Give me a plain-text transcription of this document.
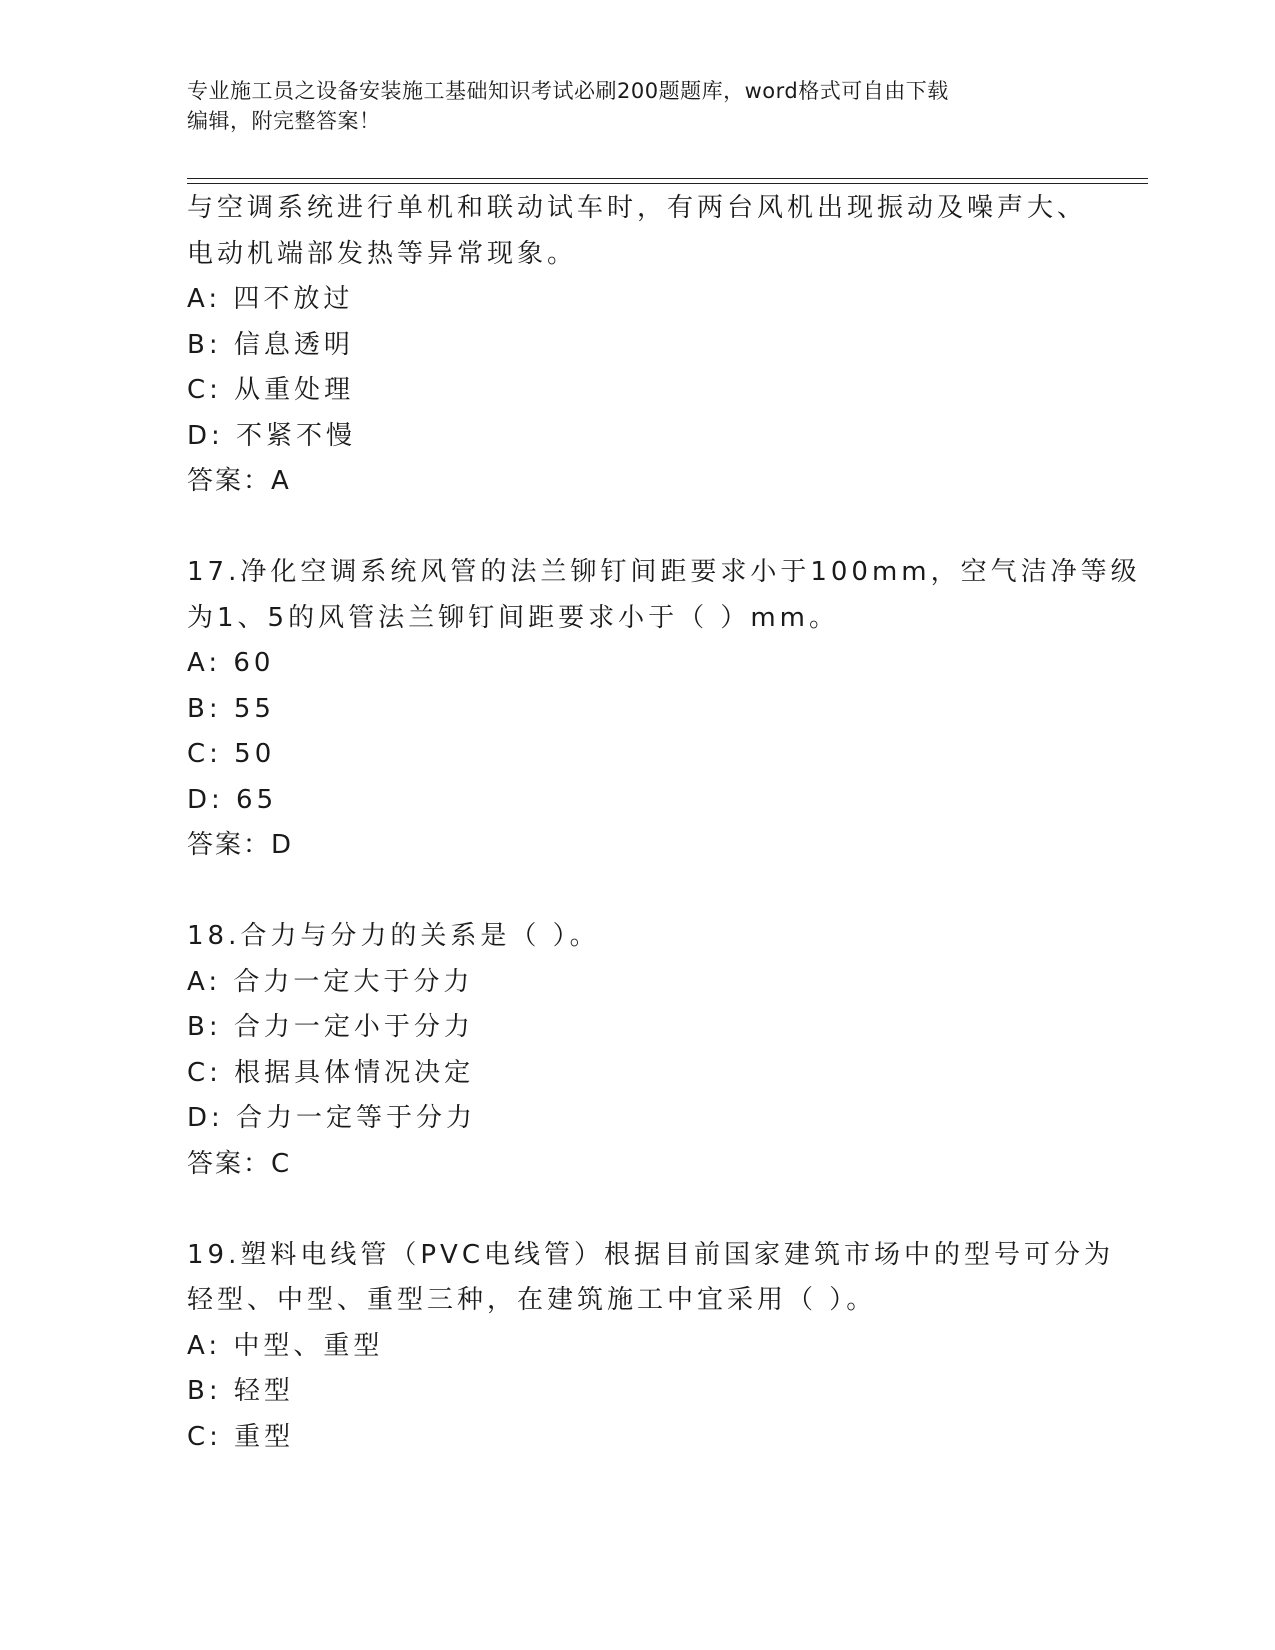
专业施工员之设备安装施工基础知识考试必刷200题题库，word格式可自由下载
编辑，附完整答案！
与空调系统进行单机和联动试车时，有两台风机出现振动及噪声大、
电动机端部发热等异常现象。
A: 四不放过
B: 信息透明
C: 从重处理
D: 不紧不慢
答案：A
17.净化空调系统风管的法兰铆钉间距要求小于100mm，空气洁净等级
为1、5的风管法兰铆钉间距要求小于（ ）mm。
A: 60
B: 55
C: 50
D: 65
答案：D
18.合力与分力的关系是（ ）。
A: 合力一定大于分力
B: 合力一定小于分力
C: 根据具体情况决定
D: 合力一定等于分力
答案：C
19.塑料电线管（PVC电线管）根据目前国家建筑市场中的型号可分为
轻型、中型、重型三种，在建筑施工中宜采用（ ）。
A: 中型、重型
B: 轻型
C: 重型
